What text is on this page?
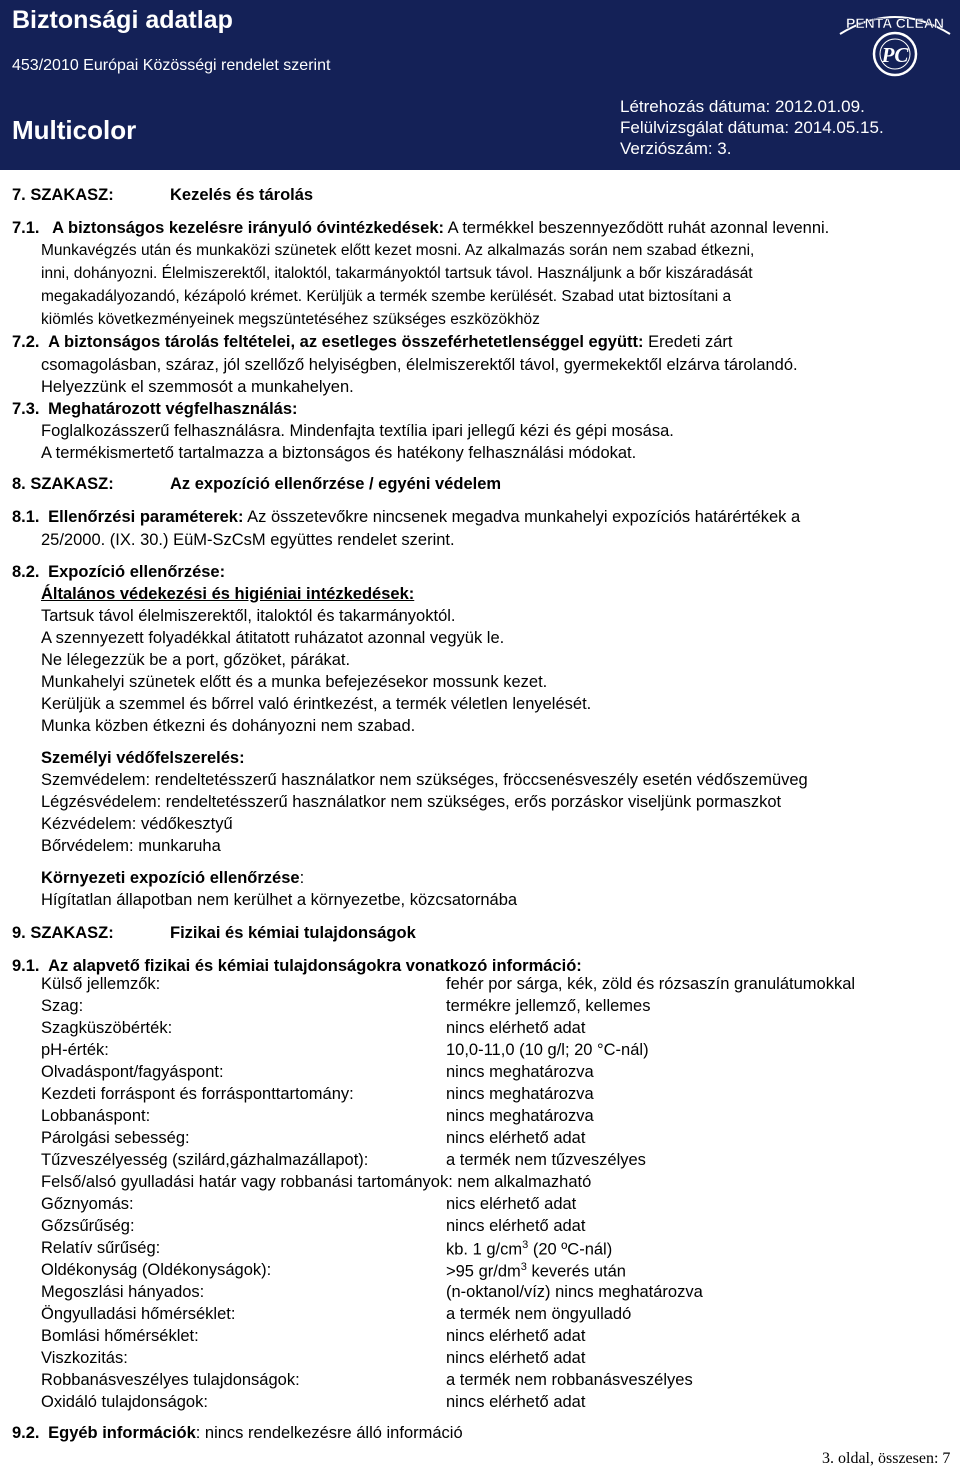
Biztonsági adatlap
453/2010 Európai Közösségi rendelet szerint
Multicolor
Létrehozás dátuma: 2012.01.09.
Felülvizsgálat dátuma: 2014.05.15.
Verziószám: 3.
PENTA CLEAN
PC
7. SZAKASZ:	Kezelés és tárolás
7.1. A biztonságos kezelésre irányuló óvintézkedések: A termékkel beszennyeződött ruhát azonnal levenni.
Munkavégzés után és munkaközi szünetek előtt kezet mosni. Az alkalmazás során nem szabad étkezni,
inni, dohányozni. Élelmiszerektől, italoktól, takarmányoktól tartsuk távol. Használjunk a bőr kiszáradását
megakadályozandó, kézápoló krémet. Kerüljük a termék szembe kerülését. Szabad utat biztosítani a
kiömlés következményeinek megszüntetéséhez szükséges eszközökhöz
7.2. A biztonságos tárolás feltételei, az esetleges összeférhetetlenséggel együtt: Eredeti zárt
csomagolásban, száraz, jól szellőző helyiségben, élelmiszerektől távol, gyermekektől elzárva tárolandó.
Helyezzünk el szemmosót a munkahelyen.
7.3. Meghatározott végfelhasználás:
Foglalkozásszerű felhasználásra. Mindenfajta textília ipari jellegű kézi és gépi mosása.
A termékismertető tartalmazza a biztonságos és hatékony felhasználási módokat.
8. SZAKASZ:	Az expozíció ellenőrzése / egyéni védelem
8.1. Ellenőrzési paraméterek: Az összetevőkre nincsenek megadva munkahelyi expozíciós határértékek a
25/2000. (IX. 30.) EüM-SzCsM együttes rendelet szerint.
8.2. Expozíció ellenőrzése:
Általános védekezési és higiéniai intézkedések:
Tartsuk távol élelmiszerektől, italoktól és takarmányoktól.
A szennyezett folyadékkal átitatott ruházatot azonnal vegyük le.
Ne lélegezzük be a port, gőzöket, párákat.
Munkahelyi szünetek előtt és a munka befejezésekor mossunk kezet.
Kerüljük a szemmel és bőrrel való érintkezést, a termék véletlen lenyelését.
Munka közben étkezni és dohányozni nem szabad.
Személyi védőfelszerelés:
Szemvédelem: rendeltetésszerű használatkor nem szükséges, fröccsenésveszély esetén védőszemüveg
Légzésvédelem: rendeltetésszerű használatkor nem szükséges, erős porzáskor viseljünk pormaszkot
Kézvédelem: védőkesztyű
Bőrvédelem: munkaruha
Környezeti expozíció ellenőrzése:
Hígítatlan állapotban nem kerülhet a környezetbe, közcsatornába
9. SZAKASZ:	Fizikai és kémiai tulajdonságok
9.1. Az alapvető fizikai és kémiai tulajdonságokra vonatkozó információ:
Külső jellemzők:	fehér por sárga, kék, zöld és rózsaszín granulátumokkal
Szag:	termékre jellemző, kellemes
Szagküszöbérték:	nincs elérhető adat
pH-érték:	10,0-11,0 (10 g/l; 20 °C-nál)
Olvadáspont/fagyáspont:	nincs meghatározva
Kezdeti forráspont és forrásponttartomány:	nincs meghatározva
Lobbanáspont:	nincs meghatározva
Párolgási sebesség:	nincs elérhető adat
Tűzveszélyesség (szilárd,gázhalmazállapot):	a termék nem tűzveszélyes
Felső/alsó gyulladási határ vagy robbanási tartományok: nem alkalmazható
Gőznyomás:	nics elérhető adat
Gőzsűrűség:	nincs elérhető adat
Relatív sűrűség:	kb. 1 $g/cm^3$ (20 ºC-nál)
Oldékonyság (Oldékonyságok):	>95 $gr/dm^3$ keverés után
Megoszlási hányados:	(n-oktanol/víz) nincs meghatározva
Öngyulladási hőmérséklet:	a termék nem öngyulladó
Bomlási hőmérséklet:	nincs elérhető adat
Viszkozitás:	nincs elérhető adat
Robbanásveszélyes tulajdonságok:	a termék nem robbanásveszélyes
Oxidáló tulajdonságok:	nincs elérhető adat
9.2. Egyéb információk: nincs rendelkezésre álló információ
3. oldal, összesen: 7
